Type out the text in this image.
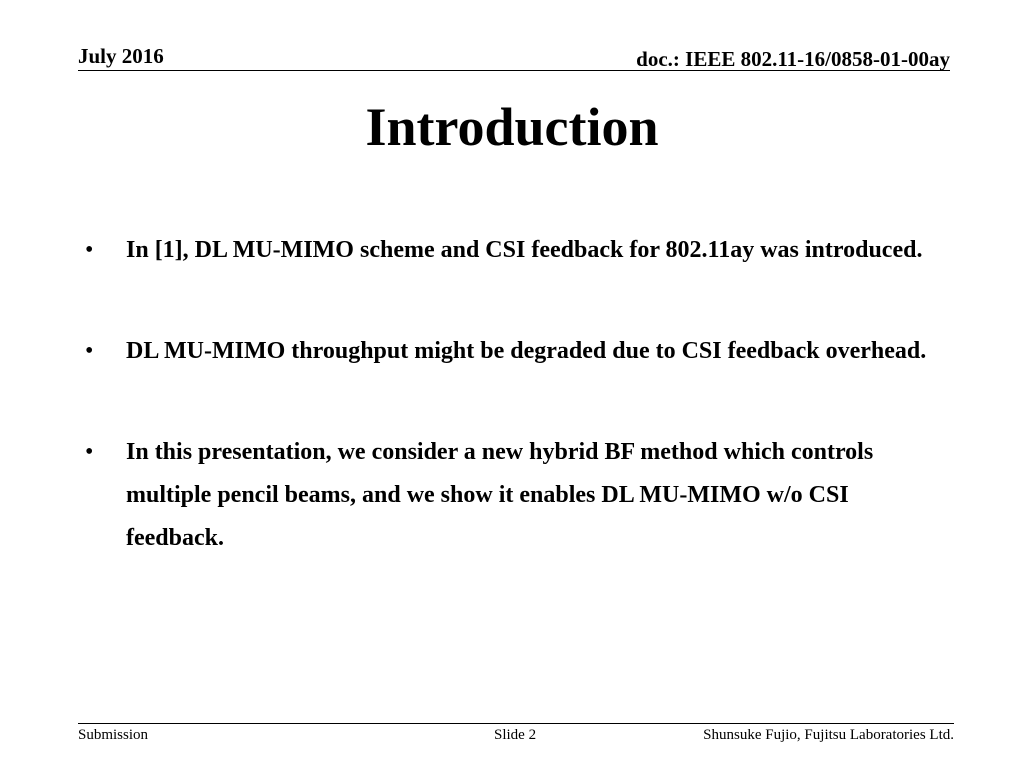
July 2016	doc.: IEEE 802.11-16/0858-01-00ay
Introduction
• In [1], DL MU-MIMO scheme and CSI feedback for 802.11ay was introduced.
• DL MU-MIMO throughput might be degraded due to CSI feedback overhead.
• In this presentation, we consider a new hybrid BF method which controls multiple pencil beams, and we show it enables DL MU-MIMO w/o CSI feedback.
Submission	Slide 2	Shunsuke Fujio, Fujitsu Laboratories Ltd.
